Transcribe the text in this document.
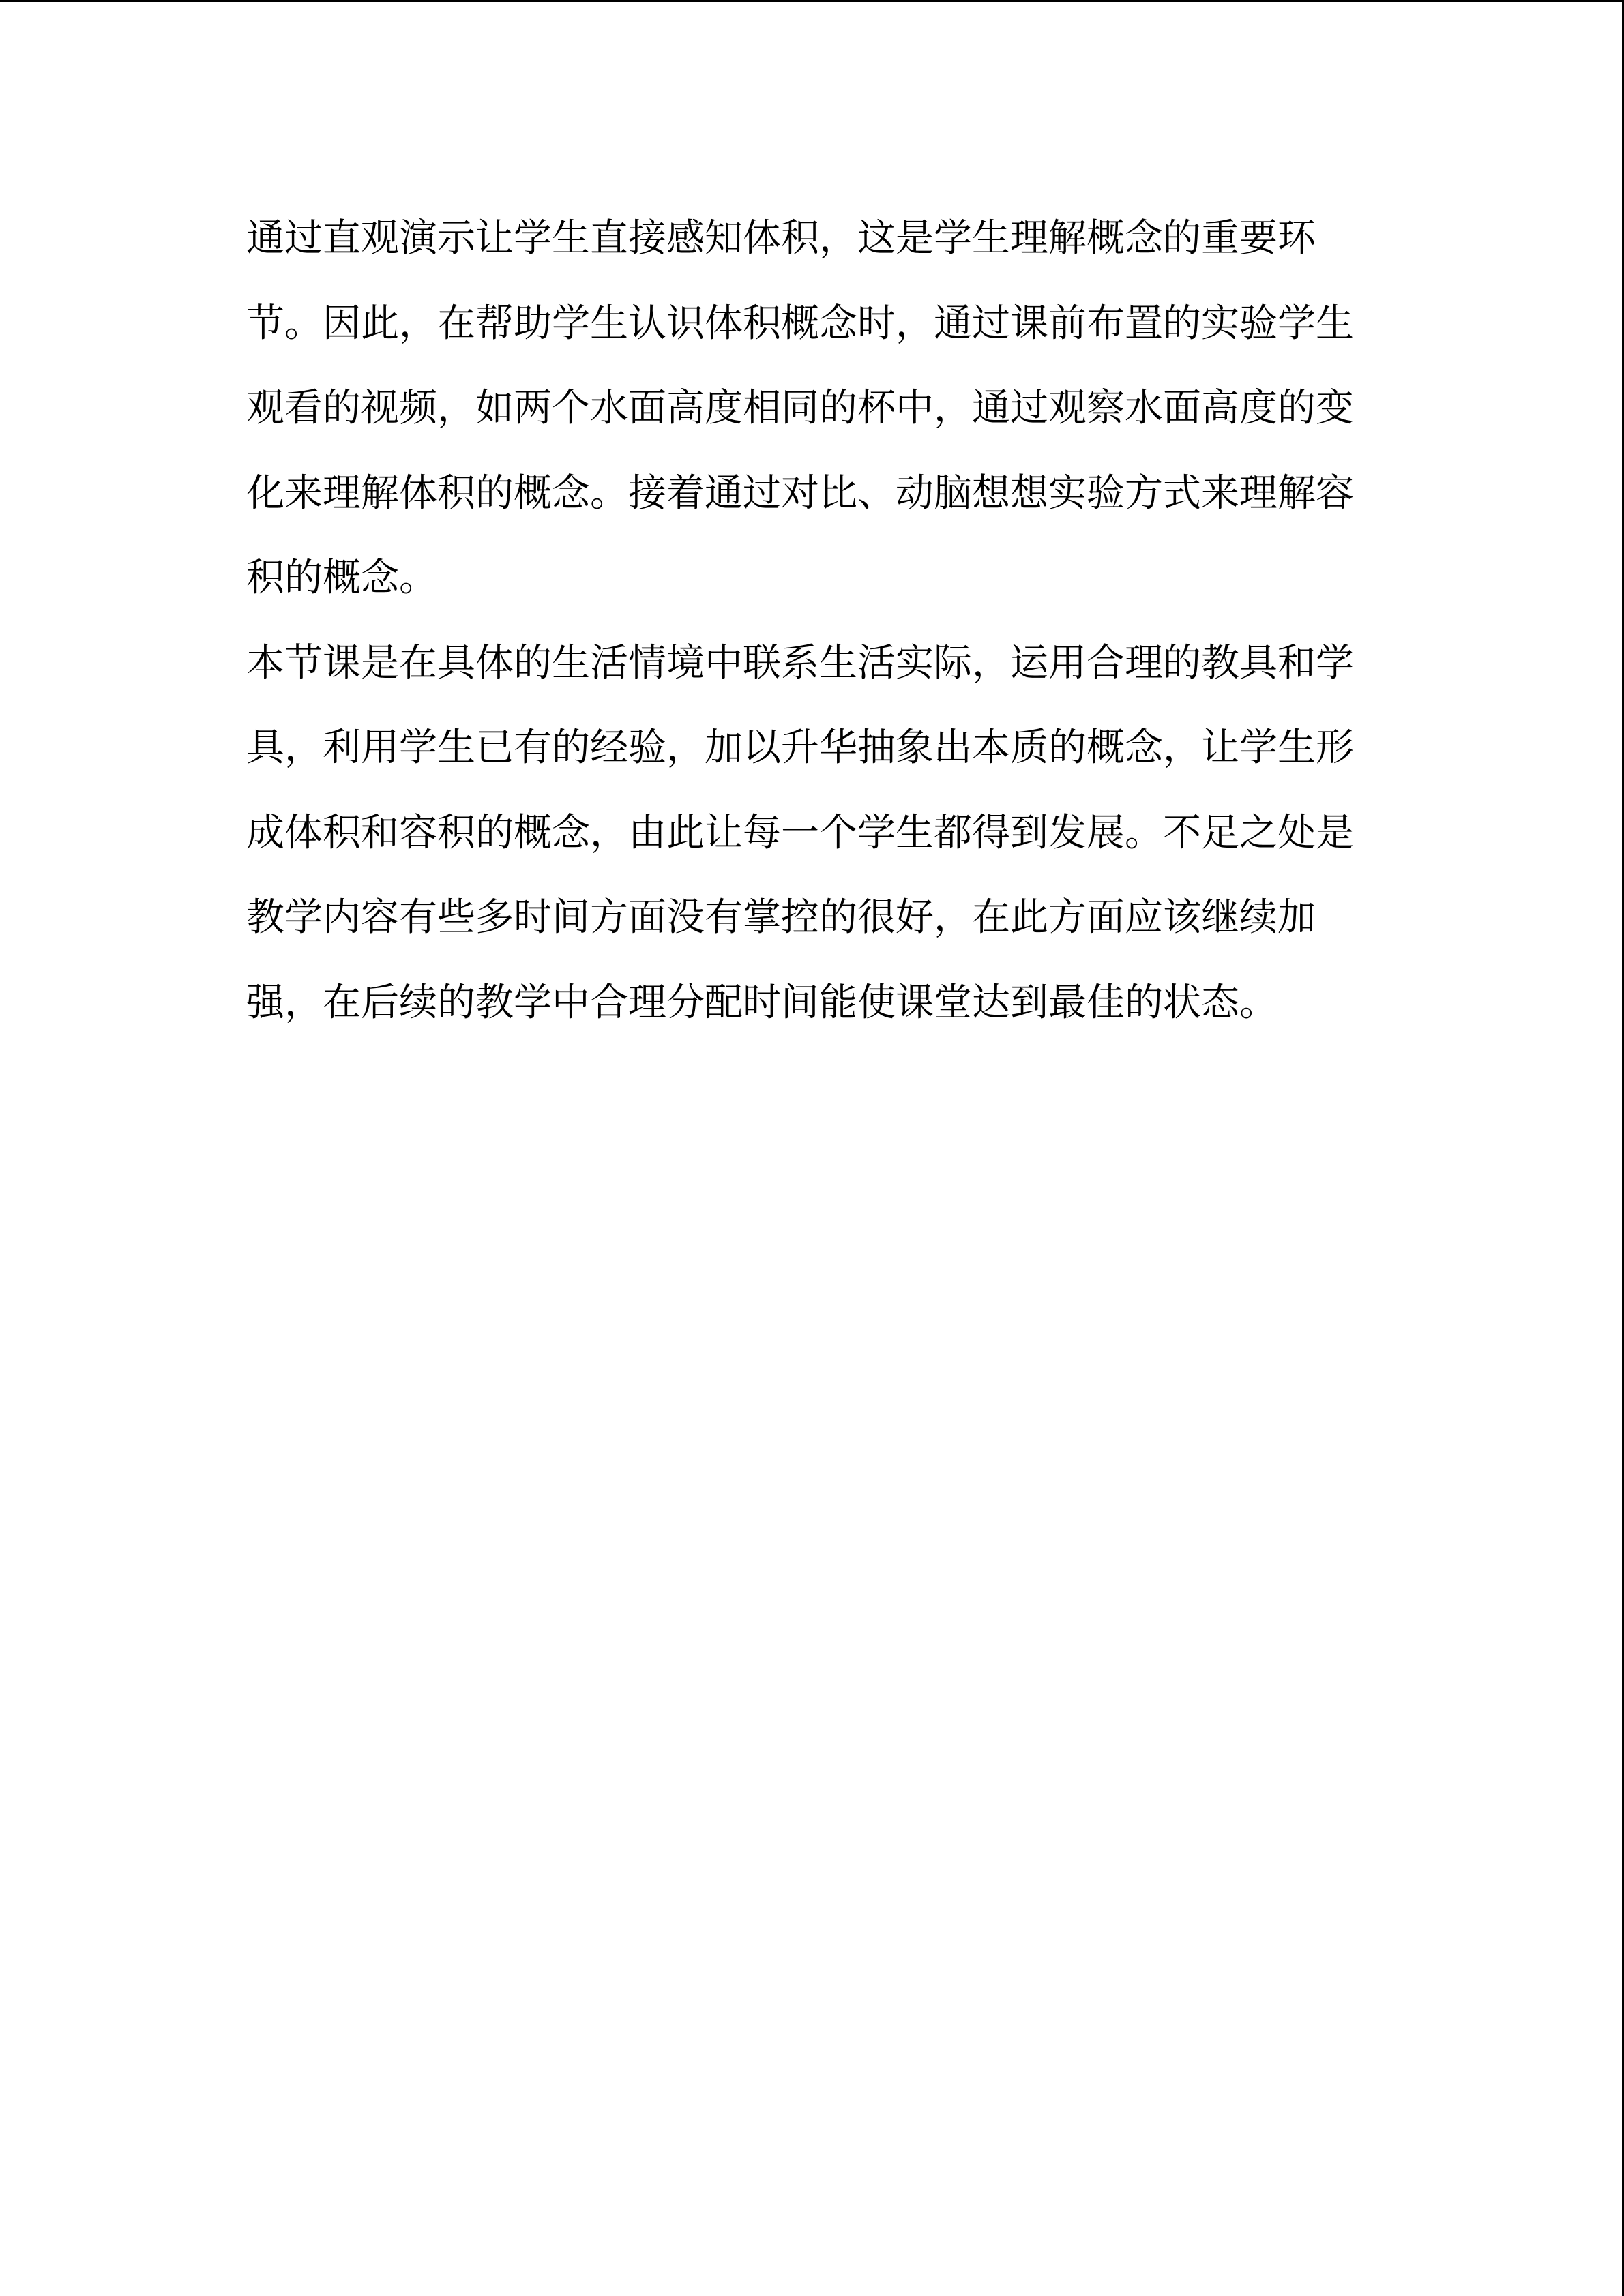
通过直观演示让学生直接感知体积，这是学生理解概念的重要环
节。因此，在帮助学生认识体积概念时，通过课前布置的实验学生
观看的视频，如两个水面高度相同的杯中，通过观察水面高度的变
化来理解体积的概念。接着通过对比、动脑想想实验方式来理解容
积的概念。
本节课是在具体的生活情境中联系生活实际，运用合理的教具和学
具，利用学生已有的经验，加以升华抽象出本质的概念，让学生形
成体积和容积的概念，由此让每一个学生都得到发展。不足之处是
教学内容有些多时间方面没有掌控的很好，在此方面应该继续加
强，在后续的教学中合理分配时间能使课堂达到最佳的状态。
